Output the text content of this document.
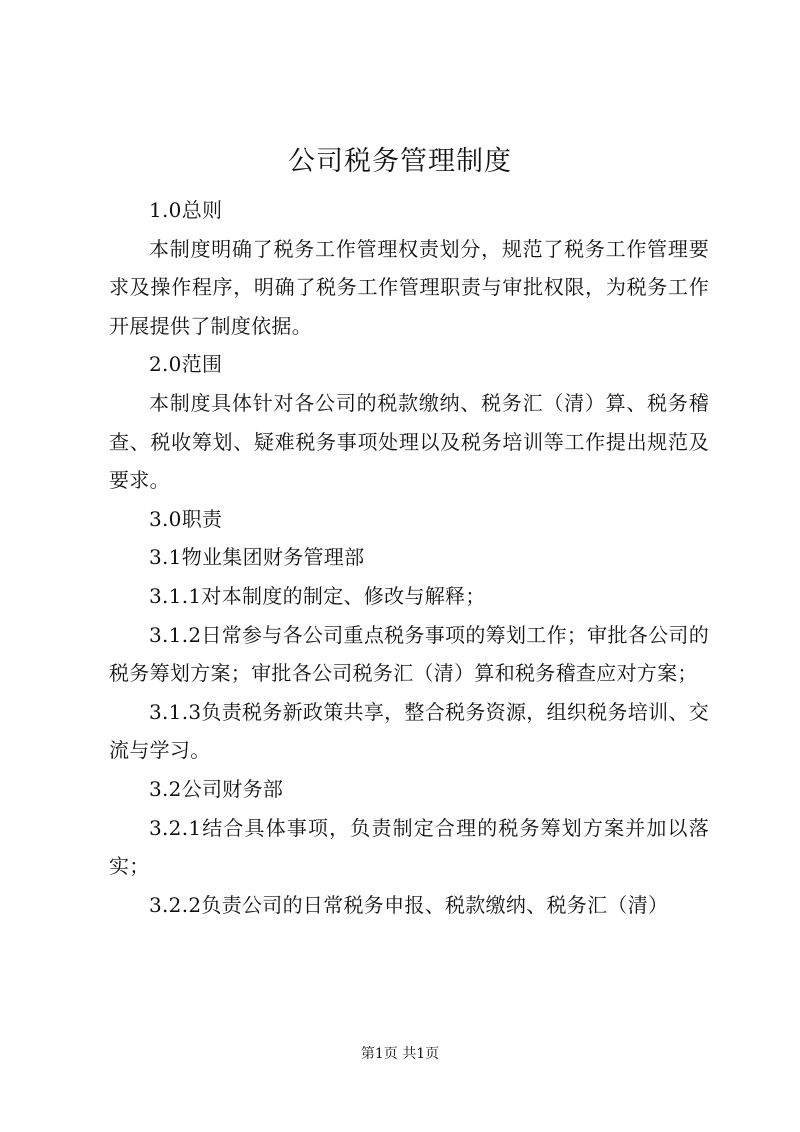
公司税务管理制度

1.0总则

本制度明确了税务工作管理权责划分，规范了税务工作管理要求及操作程序，明确了税务工作管理职责与审批权限，为税务工作开展提供了制度依据。

2.0范围

本制度具体针对各公司的税款缴纳、税务汇（清）算、税务稽查、税收筹划、疑难税务事项处理以及税务培训等工作提出规范及要求。

3.0职责

3.1物业集团财务管理部

3.1.1对本制度的制定、修改与解释；

3.1.2日常参与各公司重点税务事项的筹划工作；审批各公司的税务筹划方案；审批各公司税务汇（清）算和税务稽查应对方案；

3.1.3负责税务新政策共享，整合税务资源，组织税务培训、交流与学习。

3.2公司财务部

3.2.1结合具体事项，负责制定合理的税务筹划方案并加以落实；

3.2.2负责公司的日常税务申报、税款缴纳、税务汇（清）

第1页 共1页
